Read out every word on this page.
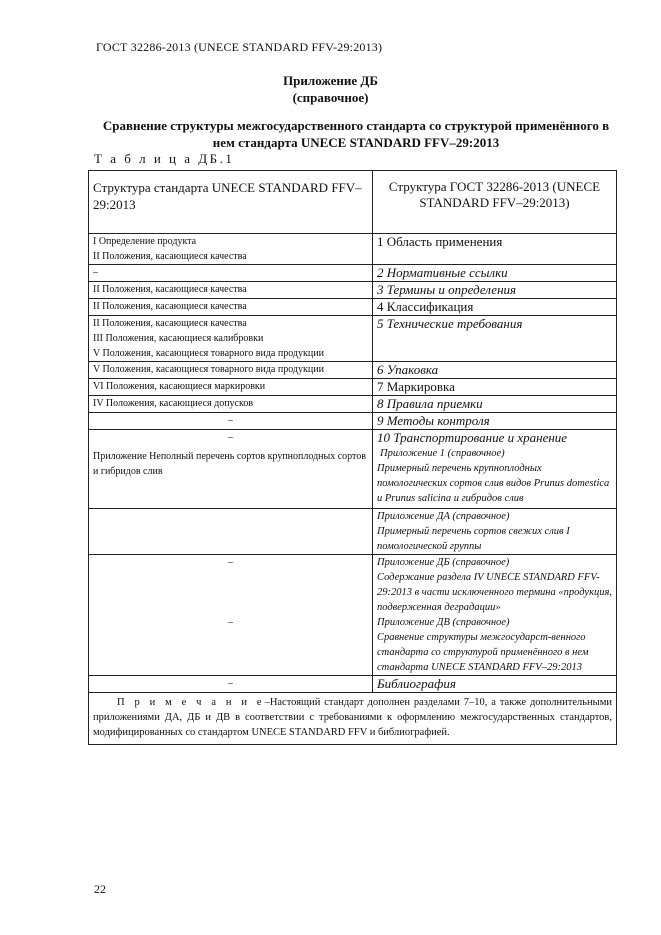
ГОСТ 32286-2013 (UNECE STANDARD FFV-29:2013)
Приложение ДБ
(справочное)
Сравнение структуры межгосударственного стандарта со структурой применённого в нем стандарта UNECE STANDARD FFV–29:2013
Т а б л и ц а ДБ.1
Структура стандарта UNECE STANDARD FFV–29:2013	Структура ГОСТ 32286-2013 (UNECE STANDARD FFV–29:2013)

I Определение продукта
II Положения, касающиеся качества	1 Область применения

–	2 Нормативные ссылки

II Положения, касающиеся качества	3 Термины и определения

II Положения, касающиеся качества	4 Классификация

II Положения, касающиеся качества
III Положения, касающиеся калибровки
V Положения, касающиеся товарного вида продукции	5 Технические требования

V Положения, касающиеся товарного вида продукции	6 Упаковка

VI Положения, касающиеся маркировки	7 Маркировка

IV Положения, касающиеся допусков	8 Правила приемки

–	9 Методы контроля

–
Приложение Неполный перечень сортов крупноплодных сортов и гибридов слив	10 Транспортирование и хранение

	Приложение 1 (справочное)
Примерный перечень крупноплодных помологических сортов слив видов Prunus domestica и Prunus salicina и гибридов слив

	Приложение ДА (справочное)
Примерный перечень сортов свежих слив I помологической группы

–	Приложение ДБ (справочное)
Содержание раздела IV UNECE STANDARD FFV-29:2013 в части исключенного термина «продукция, подверженная деградации»

–	Приложение ДВ (справочное)
Сравнение структуры межгосударст-венного стандарта со структурой применённого в нем стандарта UNECE STANDARD FFV–29:2013

–	Библиография

П р и м е ч а н и е–Настоящий стандарт дополнен разделами 7–10, а также дополнительными приложениями ДА, ДБ и ДВ в соответствии с требованиями к оформлению межгосударственных стандартов, модифицированных со стандартом UNECE STANDARD FFV и библиографией.	
22
